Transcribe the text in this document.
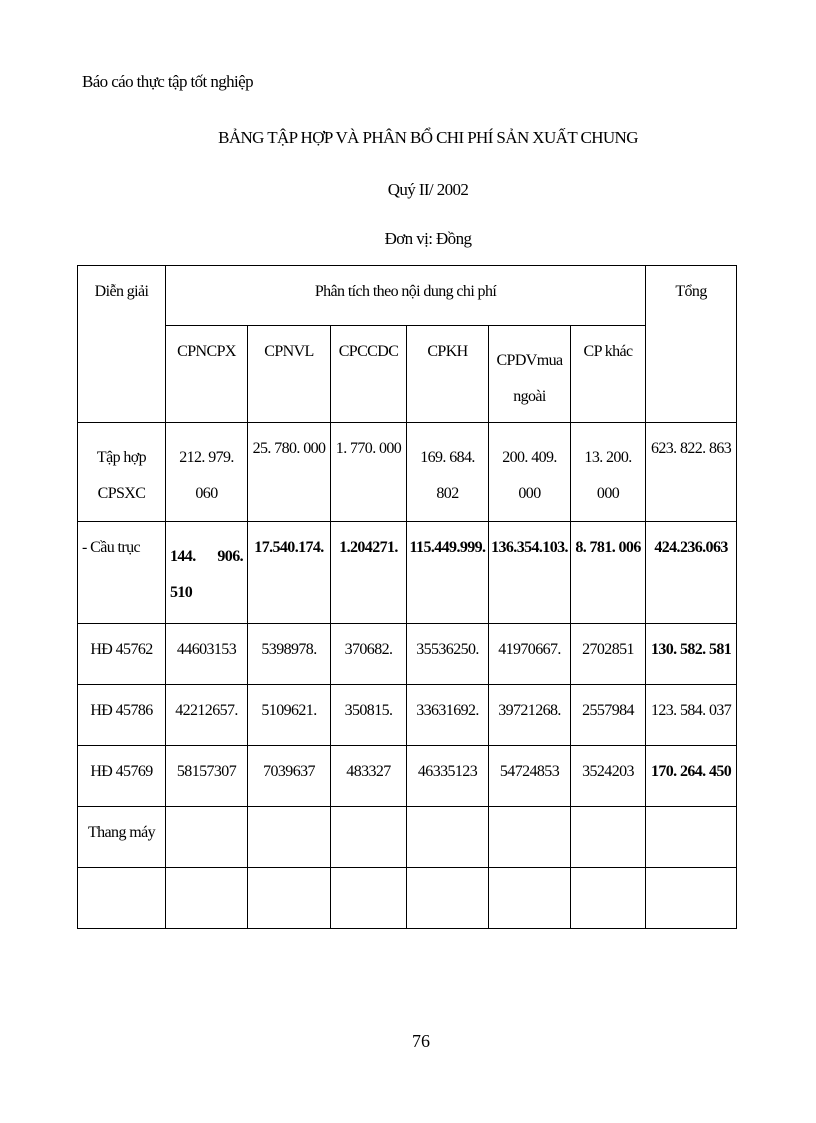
Báo cáo thực tập tốt nghiệp
BẢNG TẬP HỢP VÀ PHÂN BỔ CHI PHÍ SẢN XUẤT CHUNG
Quý II/ 2002
Đơn vị: Đồng
Diễn giải	Phân tích theo nội dung chi phí						Tổng
	CPNCPX	CPNVL	CPCCDC	CPKH	CPDVmua ngoài	CP khác	
Tập hợp CPSXC	212. 979. 060	25. 780. 000	1. 770. 000	169. 684. 802	200. 409. 000	13. 200. 000	623. 822. 863
- Cầu trục	144. 906. 510	17.540.174.	1.204271.	115.449.999.	136.354.103.	8. 781. 006	424.236.063
HĐ 45762	44603153	5398978.	370682.	35536250.	41970667.	2702851	130. 582. 581
HĐ 45786	42212657.	5109621.	350815.	33631692.	39721268.	2557984	123. 584. 037
HĐ 45769	58157307	7039637	483327	46335123	54724853	3524203	170. 264. 450
Thang máy							

76
